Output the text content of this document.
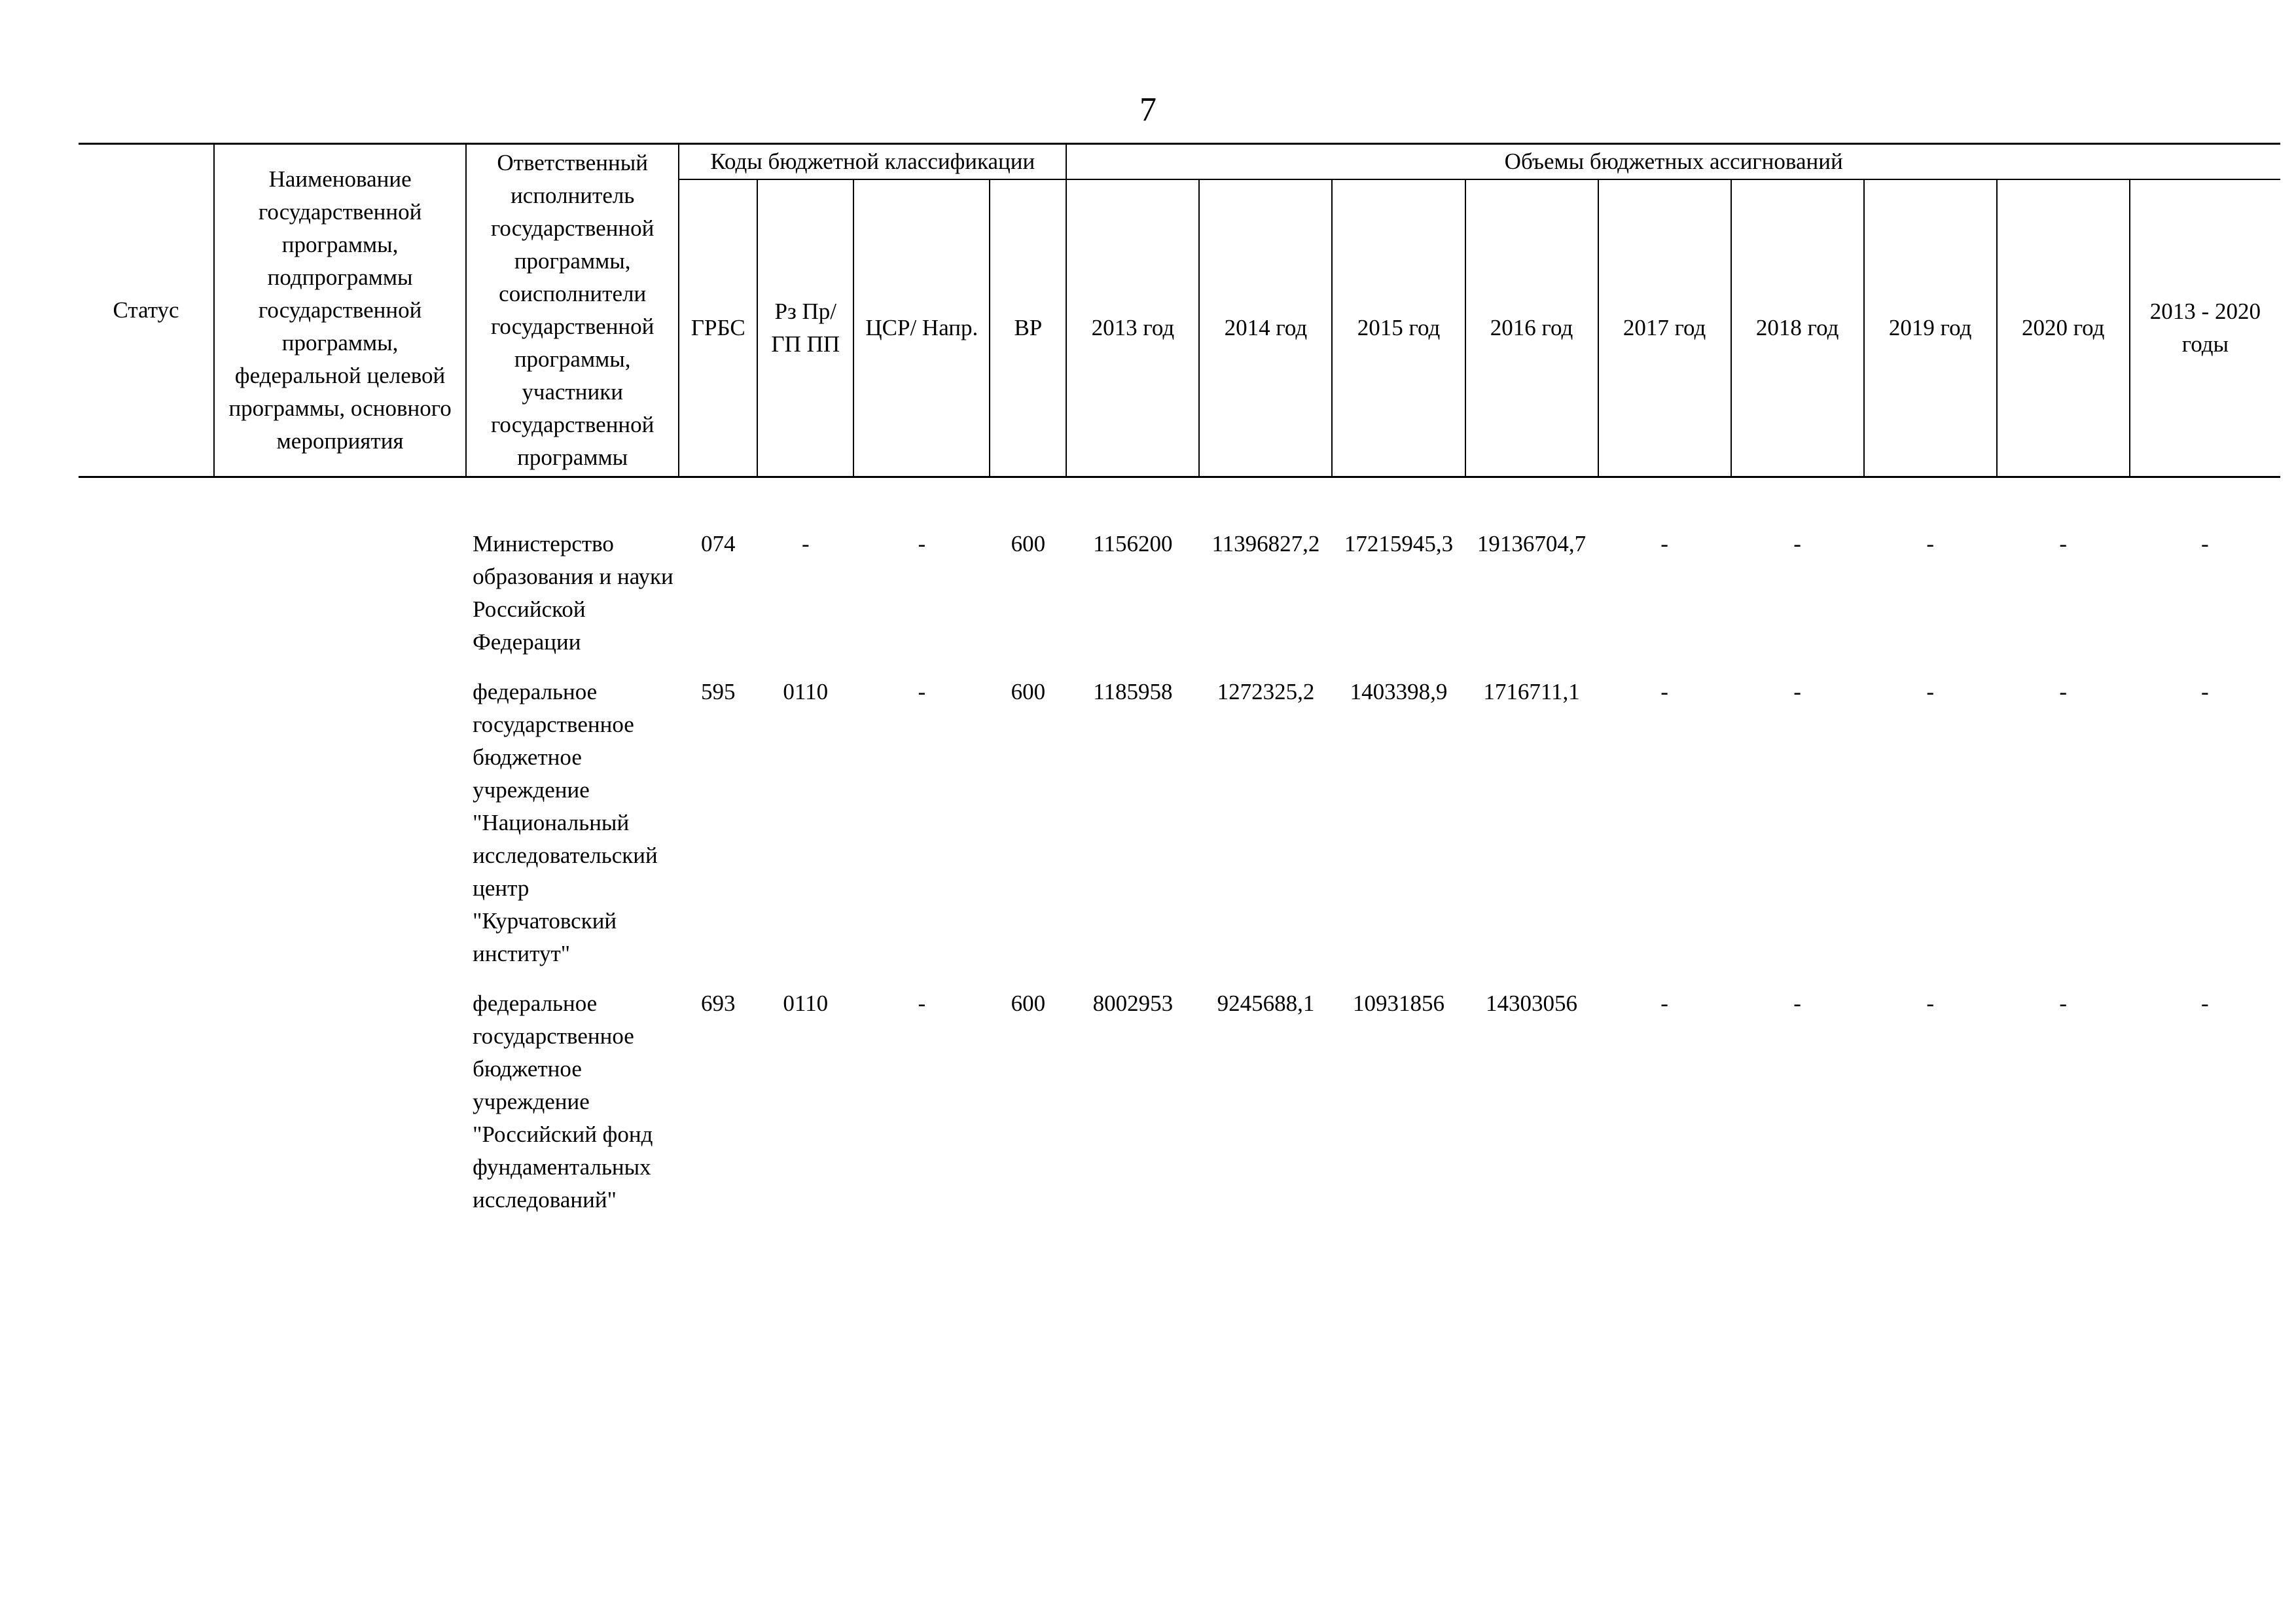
7
Статус	Наименование государственной программы, подпрограммы государственной программы, федеральной целевой программы, основного мероприятия	Ответственный исполнитель государственной программы, соисполнители государственной программы, участники государственной программы	Коды бюджетной классификации				Объемы бюджетных ассигнований								
			ГРБС	Рз Пр/ ГП ПП	ЦСР/ Напр.	ВР	2013 год	2014 год	2015 год	2016 год	2017 год	2018 год	2019 год	2020 год	2013 - 2020 годы

		Министерство образования и науки Российской Федерации	074	-	-	600	1156200	11396827,2	17215945,3	19136704,7	-	-	-	-	-
		федеральное государственное бюджетное учреждение "Национальный исследовательский центр "Курчатовский институт"	595	0110	-	600	1185958	1272325,2	1403398,9	1716711,1	-	-	-	-	-
		федеральное государственное бюджетное учреждение "Российский фонд фундаментальных исследований"	693	0110	-	600	8002953	9245688,1	10931856	14303056	-	-	-	-	-
